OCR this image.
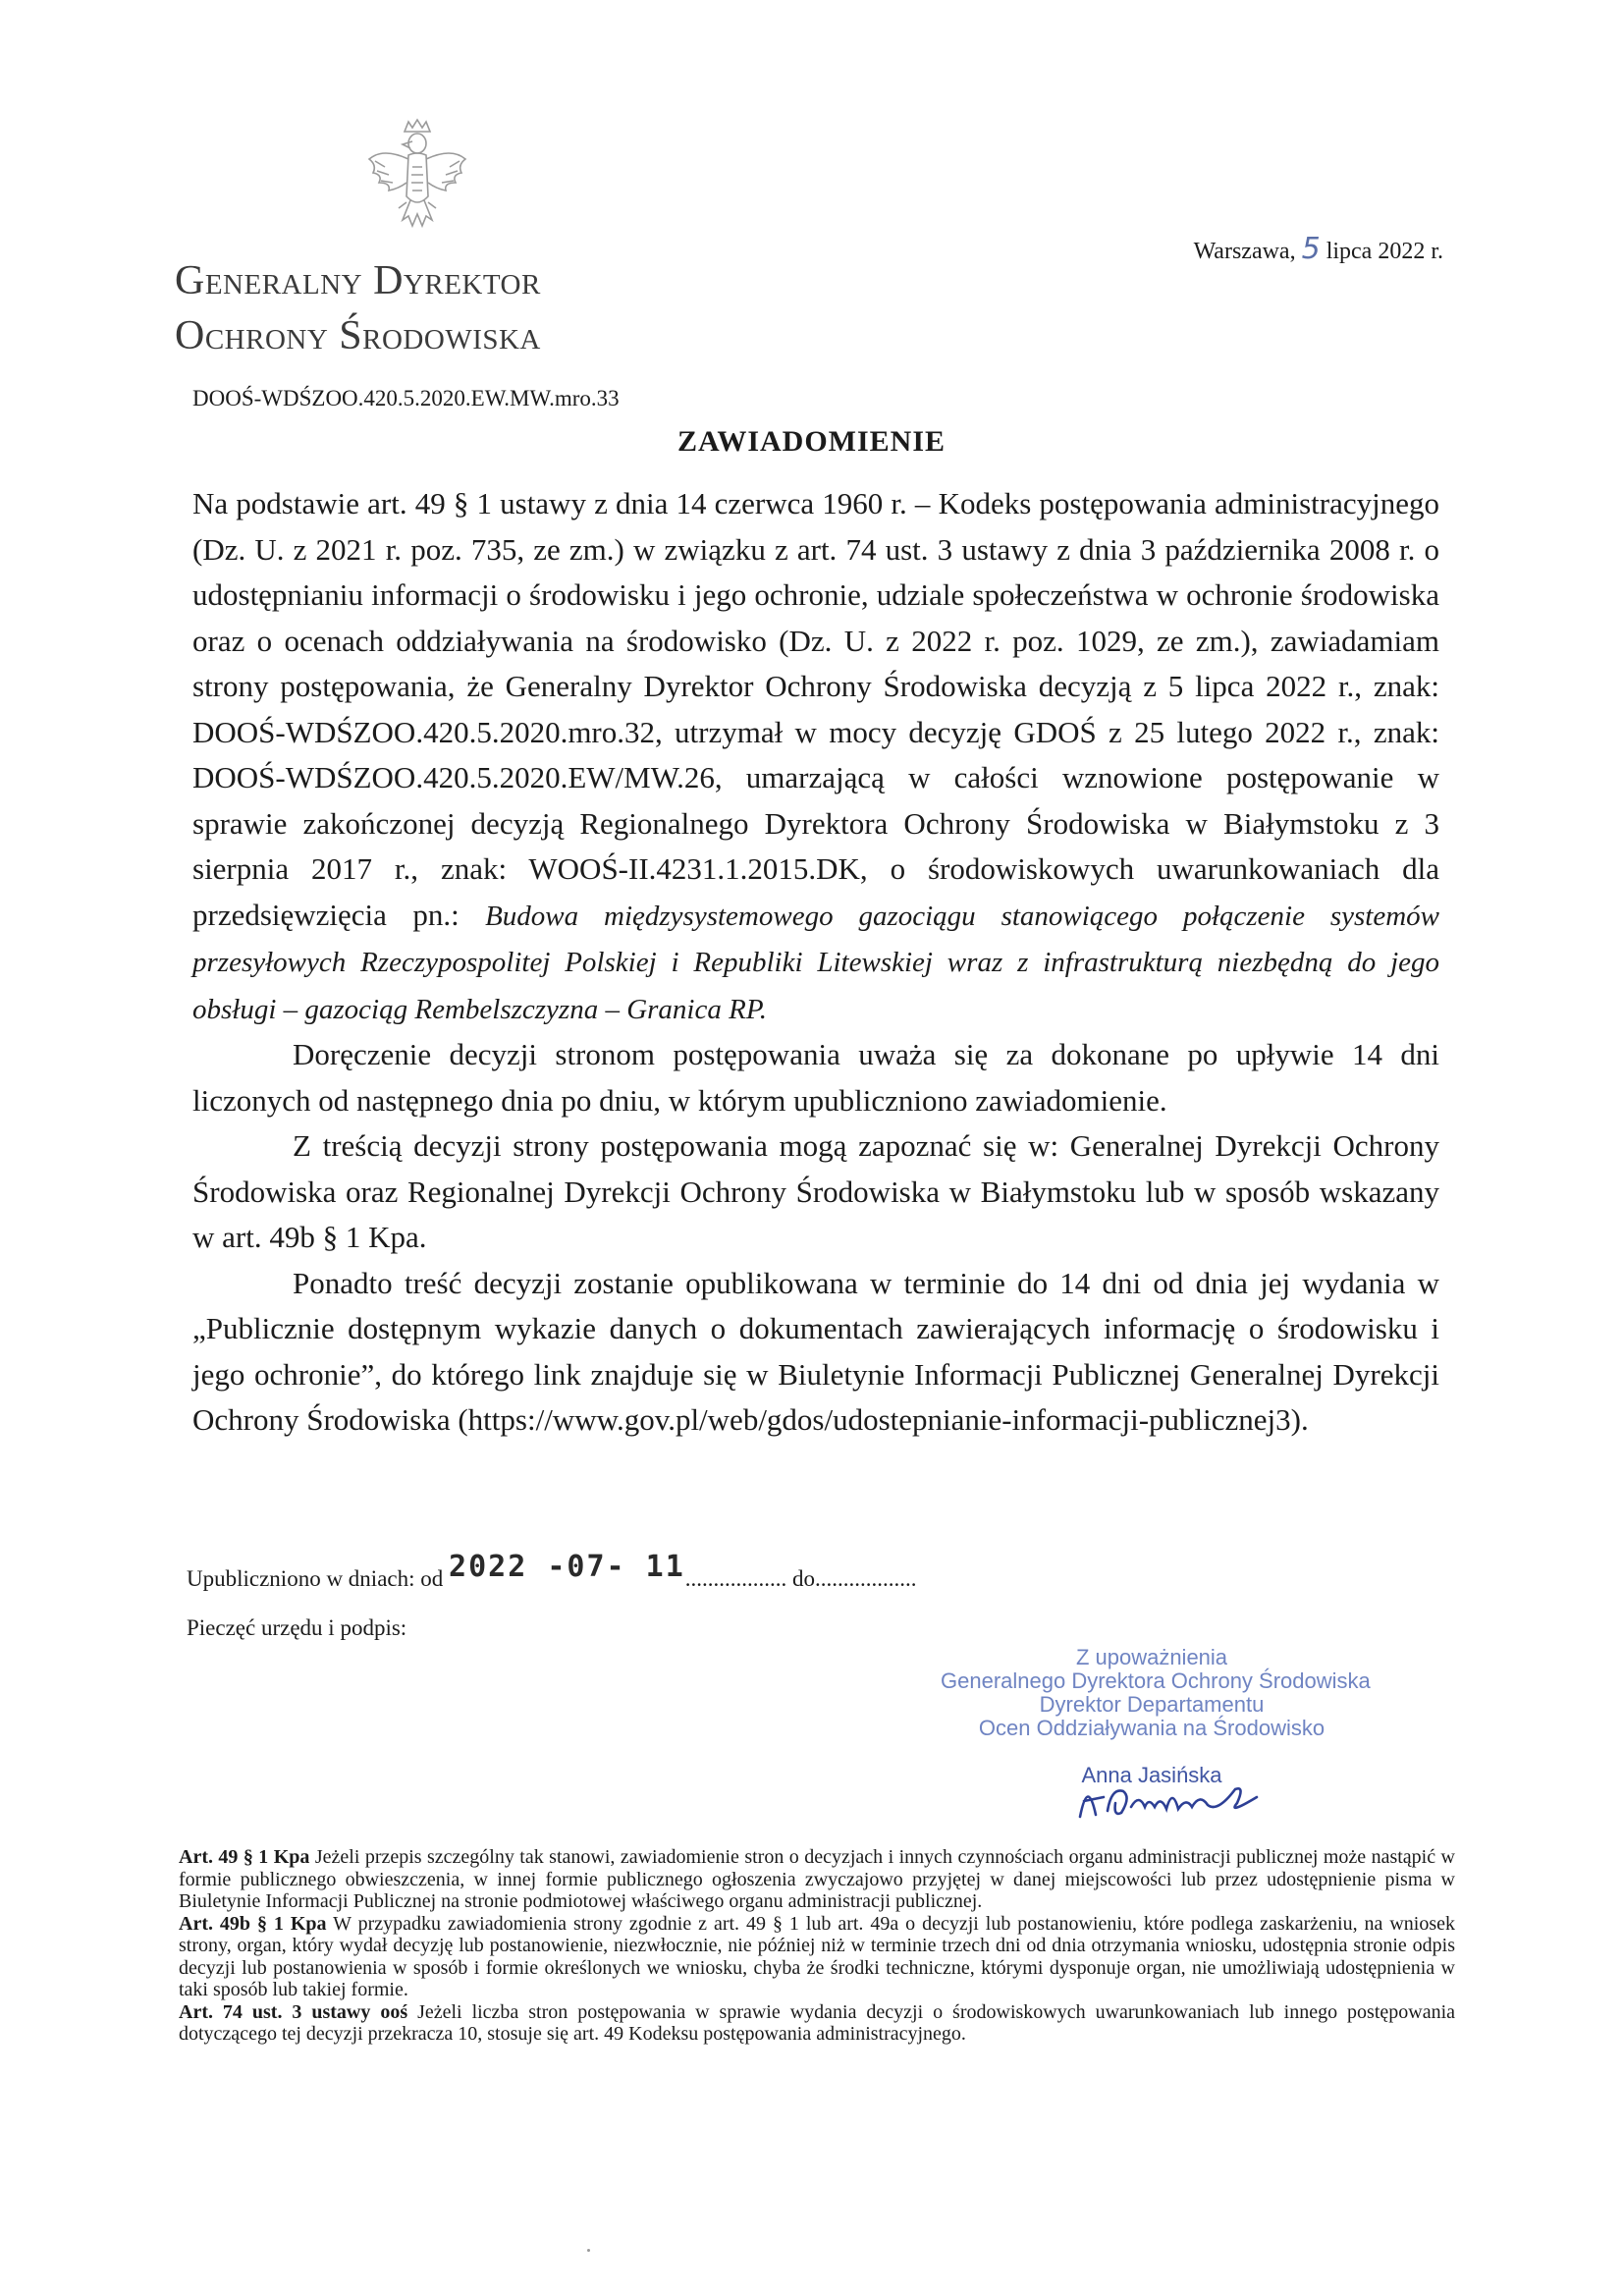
Warszawa, 5 lipca 2022 r.
Generalny Dyrektor
Ochrony Środowiska
DOOŚ-WDŚZOO.420.5.2020.EW.MW.mro.33
ZAWIADOMIENIE

Na podstawie art. 49 § 1 ustawy z dnia 14 czerwca 1960 r. – Kodeks postępowania administracyjnego (Dz. U. z 2021 r. poz. 735, ze zm.) w związku z art. 74 ust. 3 ustawy z dnia 3 października 2008 r. o udostępnianiu informacji o środowisku i jego ochronie, udziale społeczeństwa w ochronie środowiska oraz o ocenach oddziaływania na środowisko (Dz. U. z 2022 r. poz. 1029, ze zm.), zawiadamiam strony postępowania, że Generalny Dyrektor Ochrony Środowiska decyzją z 5 lipca 2022 r., znak: DOOŚ-WDŚZOO.420.5.2020.mro.32, utrzymał w mocy decyzję GDOŚ z 25 lutego 2022 r., znak: DOOŚ-WDŚZOO.420.5.2020.EW/MW.26, umarzającą w całości wznowione postępowanie w sprawie zakończonej decyzją Regionalnego Dyrektora Ochrony Środowiska w Białymstoku z 3 sierpnia 2017 r., znak: WOOŚ-II.4231.1.2015.DK, o środowiskowych uwarunkowaniach dla przedsięwzięcia pn.: Budowa międzysystemowego gazociągu stanowiącego połączenie systemów przesyłowych Rzeczypospolitej Polskiej i Republiki Litewskiej wraz z infrastrukturą niezbędną do jego obsługi – gazociąg Rembelszczyzna – Granica RP.

Doręczenie decyzji stronom postępowania uważa się za dokonane po upływie 14 dni liczonych od następnego dnia po dniu, w którym upubliczniono zawiadomienie.

Z treścią decyzji strony postępowania mogą zapoznać się w: Generalnej Dyrekcji Ochrony Środowiska oraz Regionalnej Dyrekcji Ochrony Środowiska w Białymstoku lub w sposób wskazany w art. 49b § 1 Kpa.

Ponadto treść decyzji zostanie opublikowana w terminie do 14 dni od dnia jej wydania w „Publicznie dostępnym wykazie danych o dokumentach zawierających informację o środowisku i jego ochronie”, do którego link znajduje się w Biuletynie Informacji Publicznej Generalnej Dyrekcji Ochrony Środowiska (https://www.gov.pl/web/gdos/udostepnianie-informacji-publicznej3).

Upubliczniono w dniach: od 2022 -07- 11.................. do..................
Pieczęć urzędu i podpis:
Z upoważnienia
Generalnego Dyrektora Ochrony Środowiska
Dyrektor Departamentu
Ocen Oddziaływania na Środowisko
Anna Jasińska

Art. 49 § 1 Kpa Jeżeli przepis szczególny tak stanowi, zawiadomienie stron o decyzjach i innych czynnościach organu administracji publicznej może nastąpić w formie publicznego obwieszczenia, w innej formie publicznego ogłoszenia zwyczajowo przyjętej w danej miejscowości lub przez udostępnienie pisma w Biuletynie Informacji Publicznej na stronie podmiotowej właściwego organu administracji publicznej.

Art. 49b § 1 Kpa W przypadku zawiadomienia strony zgodnie z art. 49 § 1 lub art. 49a o decyzji lub postanowieniu, które podlega zaskarżeniu, na wniosek strony, organ, który wydał decyzję lub postanowienie, niezwłocznie, nie później niż w terminie trzech dni od dnia otrzymania wniosku, udostępnia stronie odpis decyzji lub postanowienia w sposób i formie określonych we wniosku, chyba że środki techniczne, którymi dysponuje organ, nie umożliwiają udostępnienia w taki sposób lub takiej formie.

Art. 74 ust. 3 ustawy ooś Jeżeli liczba stron postępowania w sprawie wydania decyzji o środowiskowych uwarunkowaniach lub innego postępowania dotyczącego tej decyzji przekracza 10, stosuje się art. 49 Kodeksu postępowania administracyjnego.
